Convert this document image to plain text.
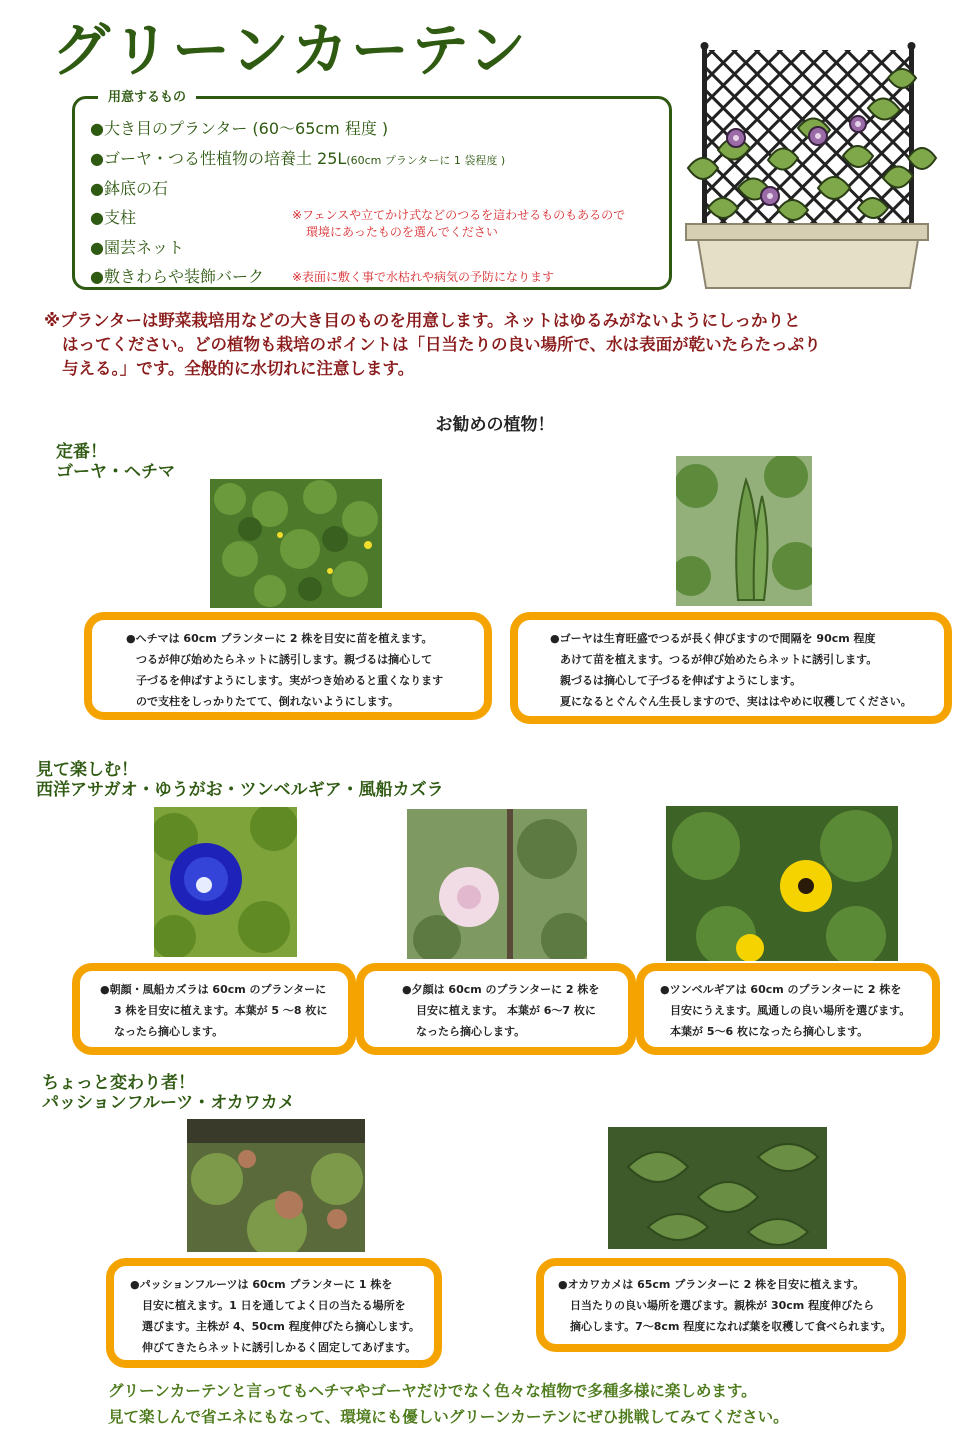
グリーンカーテン
用意するもの
●大き目のプランター (60〜65cm 程度 )
●ゴーヤ・つる性植物の培養土 25L(60cm プランターに 1 袋程度 )
●鉢底の石
●支柱
●園芸ネット
●敷きわらや装飾バーク
※フェンスや立てかけ式などのつるを這わせるものもあるので
環境にあったものを選んでください
※表面に敷く事で水枯れや病気の予防になります
※プランターは野菜栽培用などの大き目のものを用意します。ネットはゆるみがないようにしっかりと
はってください。どの植物も栽培のポイントは「日当たりの良い場所で、水は表面が乾いたらたっぷり
与える。」です。全般的に水切れに注意します。
お勧めの植物！
定番！
ゴーヤ・ヘチマ
●ヘチマは 60cm プランターに 2 株を目安に苗を植えます。
つるが伸び始めたらネットに誘引します。親づるは摘心して
子づるを伸ばすようにします。実がつき始めると重くなります
ので支柱をしっかりたてて、倒れないようにします。
●ゴーヤは生育旺盛でつるが長く伸びますので間隔を 90cm 程度
あけて苗を植えます。つるが伸び始めたらネットに誘引します。
親づるは摘心して子づるを伸ばすようにします。
夏になるとぐんぐん生長しますので、実ははやめに収穫してください。
見て楽しむ！
西洋アサガオ・ゆうがお・ツンベルギア・風船カズラ
●朝顔・風船カズラは 60cm のプランターに
3 株を目安に植えます。本葉が 5 〜8 枚に
なったら摘心します。
●夕顔は 60cm のプランターに 2 株を
目安に植えます。 本葉が 6〜7 枚に
なったら摘心します。
●ツンベルギアは 60cm のプランターに 2 株を
目安にうえます。風通しの良い場所を選びます。
本葉が 5〜6 枚になったら摘心します。
ちょっと変わり者！
パッションフルーツ・オカワカメ
●パッションフルーツは 60cm プランターに 1 株を
目安に植えます。1 日を通してよく日の当たる場所を
選びます。主株が 4、50cm 程度伸びたら摘心します。
伸びてきたらネットに誘引しかるく固定してあげます。
●オカワカメは 65cm プランターに 2 株を目安に植えます。
日当たりの良い場所を選びます。親株が 30cm 程度伸びたら
摘心します。7〜8cm 程度になれば葉を収穫して食べられます。
グリーンカーテンと言ってもヘチマやゴーヤだけでなく色々な植物で多種多様に楽しめます。
見て楽しんで省エネにもなって、環境にも優しいグリーンカーテンにぜひ挑戦してみてください。
